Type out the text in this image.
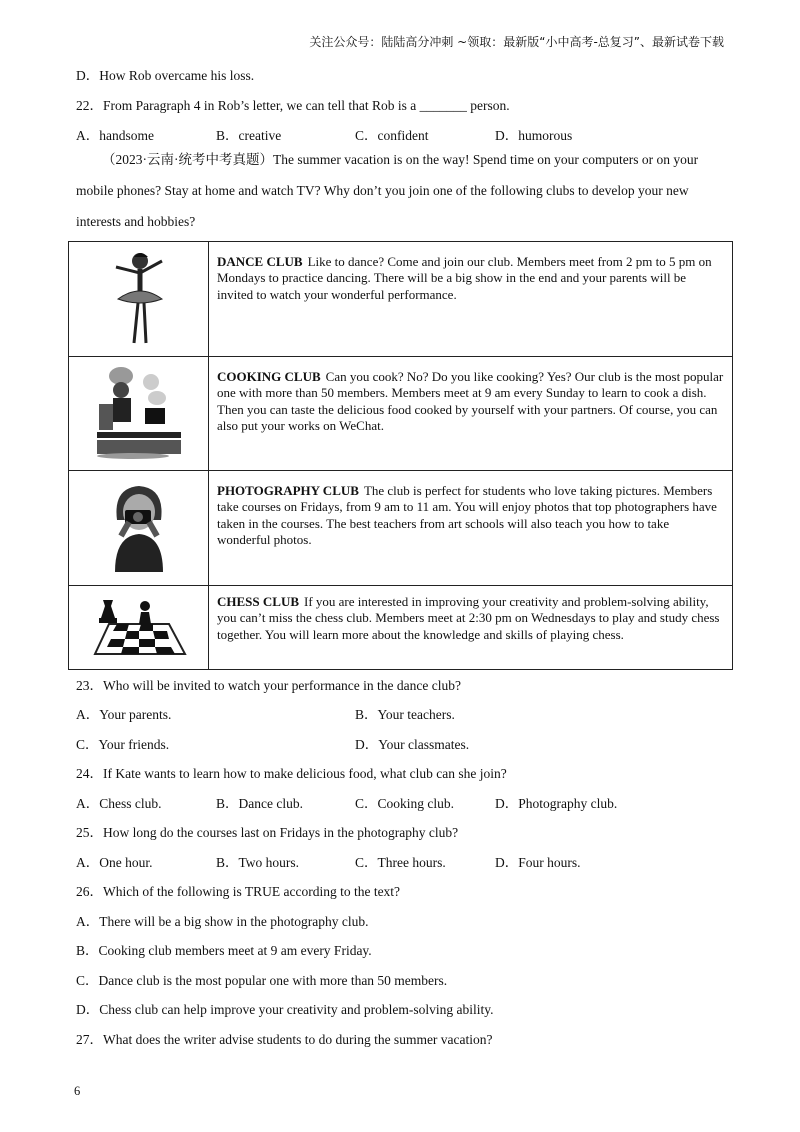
关注公众号：陆陆高分冲刺 ~领取：最新版“小中高考-总复习”、最新试卷下载
D．How Rob overcame his loss.
22．From Paragraph 4 in Rob’s letter, we can tell that Rob is a _______ person.
A．handsome	B．creative	C．confident	D．humorous
（2023·云南·统考中考真题）The summer vacation is on the way! Spend time on your computers or on your mobile phones? Stay at home and watch TV? Why don’t you join one of the following clubs to develop your new interests and hobbies?
	DANCE CLUB Like to dance? Come and join our club. Members meet from 2 pm to 5 pm on Mondays to practice dancing. There will be a big show in the end and your parents will be invited to watch your wonderful performance.
	COOKING CLUB Can you cook? No? Do you like cooking? Yes? Our club is the most popular one with more than 50 members. Members meet at 9 am every Sunday to learn to cook a dish. Then you can taste the delicious food cooked by yourself with your partners. Of course, you can also put your works on WeChat.
	PHOTOGRAPHY CLUB The club is perfect for students who love taking pictures. Members take courses on Fridays, from 9 am to 11 am. You will enjoy photos that top photographers have taken in the courses. The best teachers from art schools will also teach you how to take wonderful photos.
	CHESS CLUB If you are interested in improving your creativity and problem-solving ability, you can’t miss the chess club. Members meet at 2:30 pm on Wednesdays to play and study chess together. You will learn more about the knowledge and skills of playing chess.
23．Who will be invited to watch your performance in the dance club?
A．Your parents.	B．Your teachers.
C．Your friends.	D．Your classmates.
24．If Kate wants to learn how to make delicious food, what club can she join?
A．Chess club.	B．Dance club.	C．Cooking club.	D．Photography club.
25．How long do the courses last on Fridays in the photography club?
A．One hour.	B．Two hours.	C．Three hours.	D．Four hours.
26．Which of the following is TRUE according to the text?
A．There will be a big show in the photography club.
B．Cooking club members meet at 9 am every Friday.
C．Dance club is the most popular one with more than 50 members.
D．Chess club can help improve your creativity and problem-solving ability.
27．What does the writer advise students to do during the summer vacation?
6
